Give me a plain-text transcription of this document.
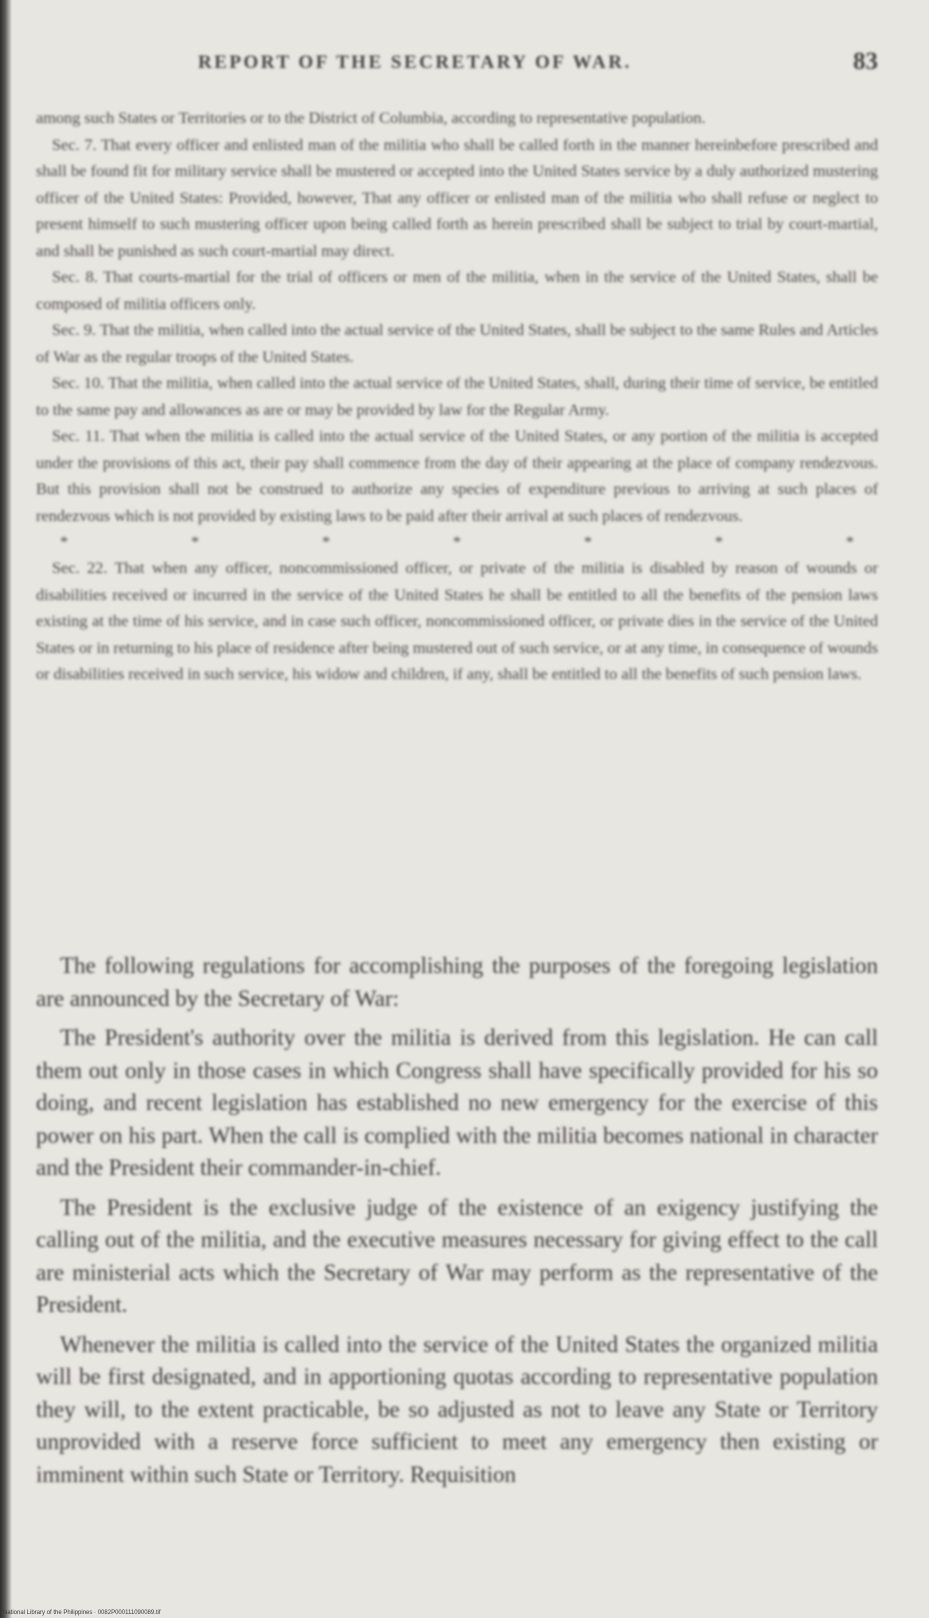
REPORT OF THE SECRETARY OF WAR.	83

among such States or Territories or to the District of Columbia, according to representative population.

Sec. 7. That every officer and enlisted man of the militia who shall be called forth in the manner hereinbefore prescribed and shall be found fit for military service shall be mustered or accepted into the United States service by a duly authorized mustering officer of the United States: Provided, however, That any officer or enlisted man of the militia who shall refuse or neglect to present himself to such mustering officer upon being called forth as herein prescribed shall be subject to trial by court-martial, and shall be punished as such court-martial may direct.

Sec. 8. That courts-martial for the trial of officers or men of the militia, when in the service of the United States, shall be composed of militia officers only.

Sec. 9. That the militia, when called into the actual service of the United States, shall be subject to the same Rules and Articles of War as the regular troops of the United States.

Sec. 10. That the militia, when called into the actual service of the United States, shall, during their time of service, be entitled to the same pay and allowances as are or may be provided by law for the Regular Army.

Sec. 11. That when the militia is called into the actual service of the United States, or any portion of the militia is accepted under the provisions of this act, their pay shall commence from the day of their appearing at the place of company rendezvous. But this provision shall not be construed to authorize any species of expenditure previous to arriving at such places of rendezvous which is not provided by existing laws to be paid after their arrival at such places of rendezvous.

*	*	*	*	*	*	*

Sec. 22. That when any officer, noncommissioned officer, or private of the militia is disabled by reason of wounds or disabilities received or incurred in the service of the United States he shall be entitled to all the benefits of the pension laws existing at the time of his service, and in case such officer, noncommissioned officer, or private dies in the service of the United States or in returning to his place of residence after being mustered out of such service, or at any time, in consequence of wounds or disabilities received in such service, his widow and children, if any, shall be entitled to all the benefits of such pension laws.

The following regulations for accomplishing the purposes of the foregoing legislation are announced by the Secretary of War:

The President's authority over the militia is derived from this legislation. He can call them out only in those cases in which Congress shall have specifically provided for his so doing, and recent legislation has established no new emergency for the exercise of this power on his part. When the call is complied with the militia becomes national in character and the President their commander-in-chief.

The President is the exclusive judge of the existence of an exigency justifying the calling out of the militia, and the executive measures necessary for giving effect to the call are ministerial acts which the Secretary of War may perform as the representative of the President.

Whenever the militia is called into the service of the United States the organized militia will be first designated, and in apportioning quotas according to representative population they will, to the extent practicable, be so adjusted as not to leave any State or Territory unprovided with a reserve force sufficient to meet any emergency then existing or imminent within such State or Territory. Requisition

National Library of the Philippines · 0082P000111090089.tif
